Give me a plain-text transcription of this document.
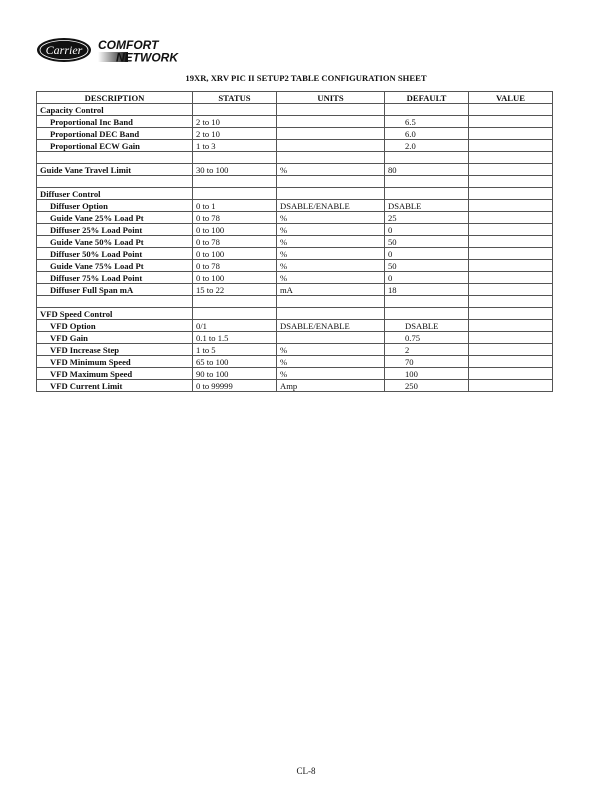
Carrier COMFORT
NETWORK
19XR, XRV PIC II SETUP2 TABLE CONFIGURATION SHEET
DESCRIPTION	STATUS	UNITS	DEFAULT	VALUE
Capacity Control				
Proportional Inc Band	2 to 10		6.5	
Proportional DEC Band	2 to 10		6.0	
Proportional ECW Gain	1 to 3		2.0	

Guide Vane Travel Limit	30 to 100	%	80	

Diffuser Control				
Diffuser Option	0 to 1	DSABLE/ENABLE	DSABLE	
Guide Vane 25% Load Pt	0 to 78	%	25	
Diffuser 25% Load Point	0 to 100	%	0	
Guide Vane 50% Load Pt	0 to 78	%	50	
Diffuser 50% Load Point	0 to 100	%	0	
Guide Vane 75% Load Pt	0 to 78	%	50	
Diffuser 75% Load Point	0 to 100	%	0	
Diffuser Full Span mA	15 to 22	mA	18	

VFD Speed Control				
VFD Option	0/1	DSABLE/ENABLE	DSABLE	
VFD Gain	0.1 to 1.5		0.75	
VFD Increase Step	1 to 5	%	2	
VFD Minimum Speed	65 to 100	%	70	
VFD Maximum Speed	90 to 100	%	100	
VFD Current Limit	0 to 99999	Amp	250	
CL-8
